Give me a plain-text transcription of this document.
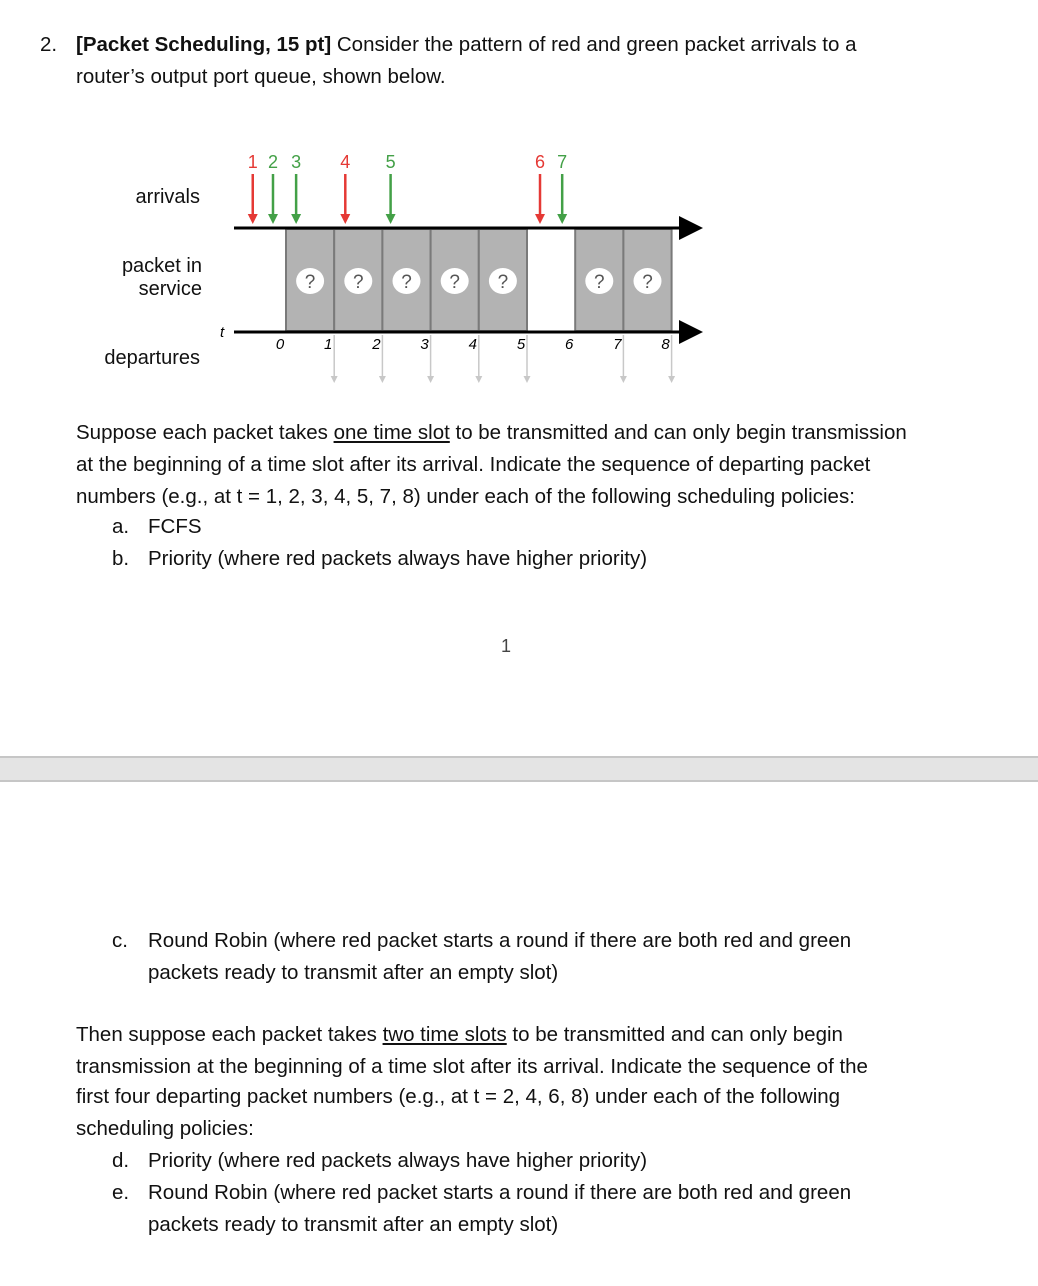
2. [Packet Scheduling, 15 pt] Consider the pattern of red and green packet arrivals to a
router’s output port queue, shown below.
arrivals
packet in
service
departures
? ? ? ? ?	? ?
t
1 2 3 4 5	6 7
0	1	2	3	4	5	6	7	8
Suppose each packet takes one time slot to be transmitted and can only begin transmission
at the beginning of a time slot after its arrival. Indicate the sequence of departing packet
numbers (e.g., at t = 1, 2, 3, 4, 5, 7, 8) under each of the following scheduling policies:
a. FCFS
b. Priority (where red packets always have higher priority)
1
c. Round Robin (where red packet starts a round if there are both red and green
packets ready to transmit after an empty slot)
Then suppose each packet takes two time slots to be transmitted and can only begin
transmission at the beginning of a time slot after its arrival. Indicate the sequence of the
first four departing packet numbers (e.g., at t = 2, 4, 6, 8) under each of the following
scheduling policies:
d. Priority (where red packets always have higher priority)
e. Round Robin (where red packet starts a round if there are both red and green
packets ready to transmit after an empty slot)
